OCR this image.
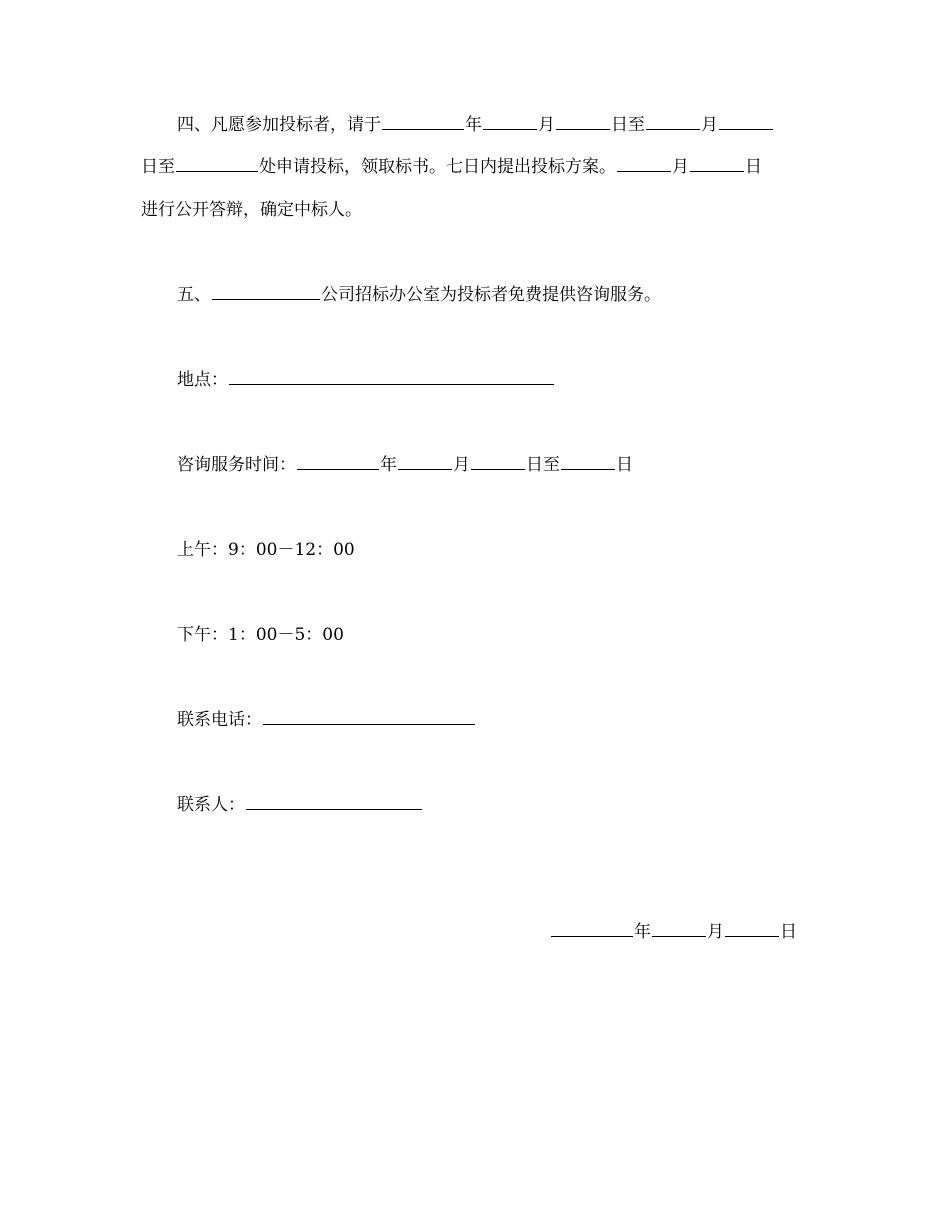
四、凡愿参加投标者，请于	年	月	日至	月
日至	处申请投标，领取标书。七日内提出投标方案。	月	日
进行公开答辩，确定中标人。
五、	公司招标办公室为投标者免费提供咨询服务。
地点：
咨询服务时间：	年	月	日至	日
上午：9：00－12：00
下午：1：00－5：00
联系电话：
联系人：
年	月	日
